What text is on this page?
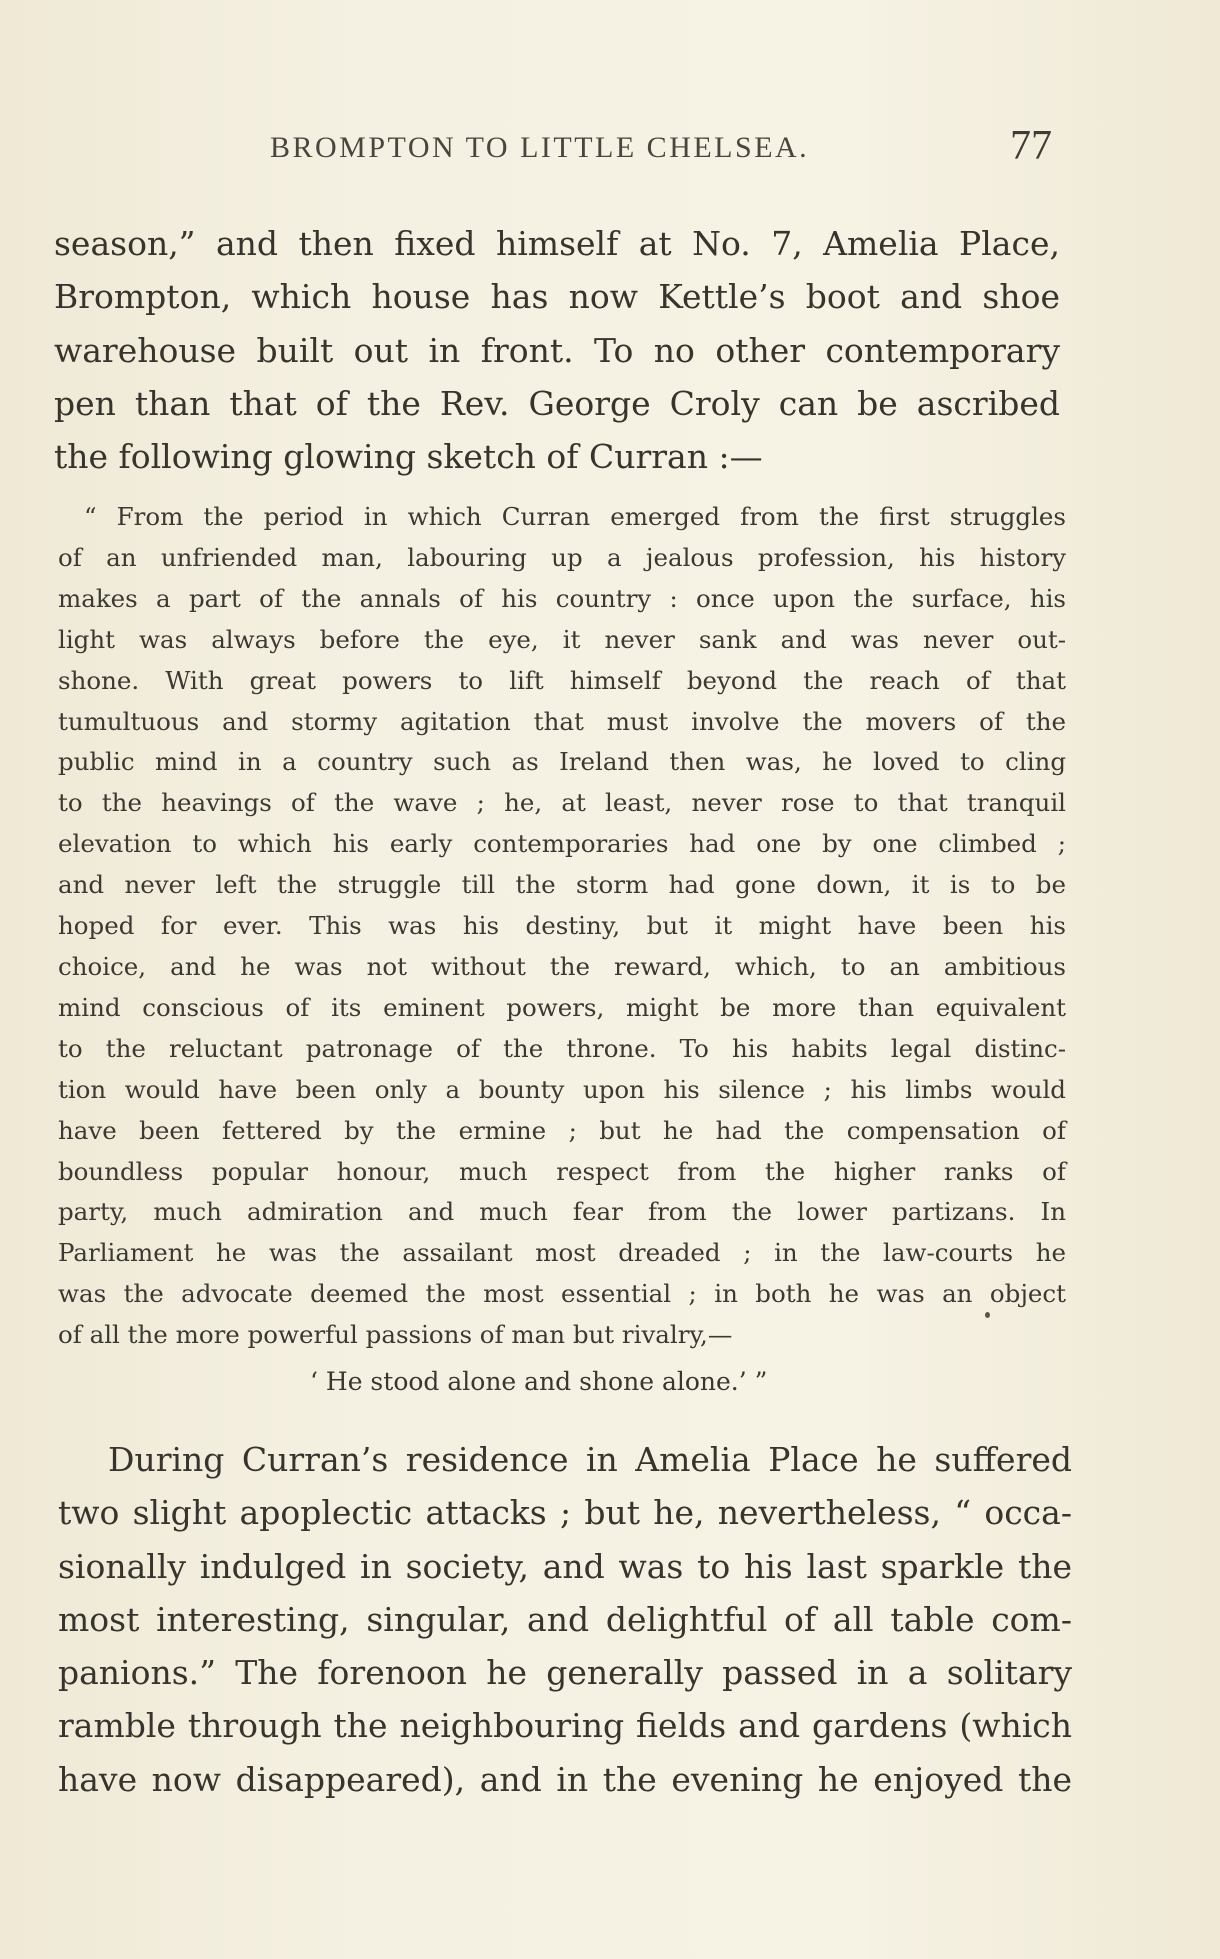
BROMPTON TO LITTLE CHELSEA.	77
season,” and then fixed himself at No. 7, Amelia Place,
Brompton, which house has now Kettle’s boot and shoe
warehouse built out in front. To no other contemporary
pen than that of the Rev. George Croly can be ascribed
the following glowing sketch of Curran :—
“ From the period in which Curran emerged from the first struggles
of an unfriended man, labouring up a jealous profession, his history
makes a part of the annals of his country : once upon the surface, his
light was always before the eye, it never sank and was never out-
shone. With great powers to lift himself beyond the reach of that
tumultuous and stormy agitation that must involve the movers of the
public mind in a country such as Ireland then was, he loved to cling
to the heavings of the wave ; he, at least, never rose to that tranquil
elevation to which his early contemporaries had one by one climbed ;
and never left the struggle till the storm had gone down, it is to be
hoped for ever. This was his destiny, but it might have been his
choice, and he was not without the reward, which, to an ambitious
mind conscious of its eminent powers, might be more than equivalent
to the reluctant patronage of the throne. To his habits legal distinc-
tion would have been only a bounty upon his silence ; his limbs would
have been fettered by the ermine ; but he had the compensation of
boundless popular honour, much respect from the higher ranks of
party, much admiration and much fear from the lower partizans. In
Parliament he was the assailant most dreaded ; in the law-courts he
was the advocate deemed the most essential ; in both he was an object
of all the more powerful passions of man but rivalry,—
‘ He stood alone and shone alone.’ ”
During Curran’s residence in Amelia Place he suffered
two slight apoplectic attacks ; but he, nevertheless, “ occa-
sionally indulged in society, and was to his last sparkle the
most interesting, singular, and delightful of all table com-
panions.” The forenoon he generally passed in a solitary
ramble through the neighbouring fields and gardens (which
have now disappeared), and in the evening he enjoyed the
